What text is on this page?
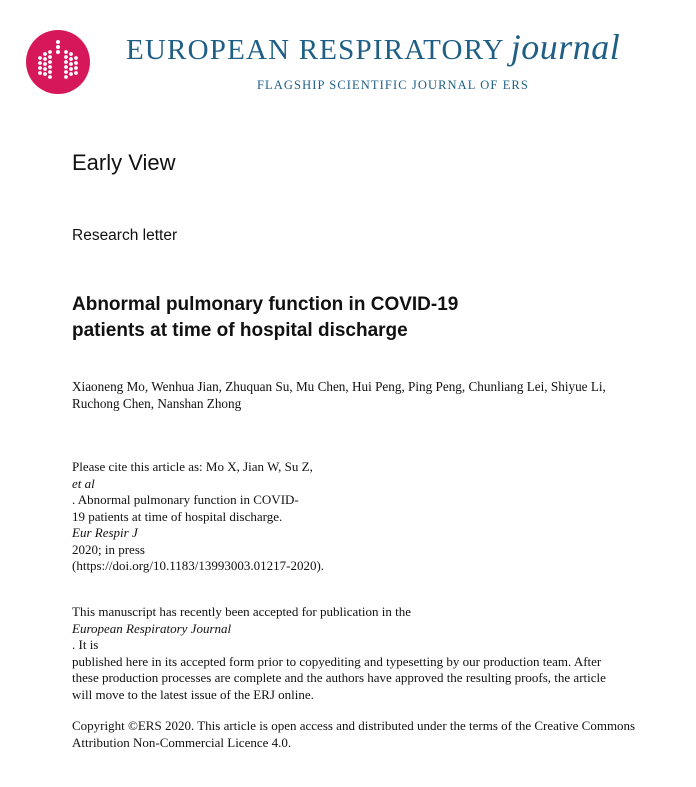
EUROPEAN RESPIRATORY journal
FLAGSHIP SCIENTIFIC JOURNAL OF ERS
Early View
Research letter
Abnormal pulmonary function in COVID-19
patients at time of hospital discharge
Xiaoneng Mo, Wenhua Jian, Zhuquan Su, Mu Chen, Hui Peng, Ping Peng, Chunliang Lei, Shiyue Li,
Ruchong Chen, Nanshan Zhong
Please cite this article as: Mo X, Jian W, Su Z,
et al
. Abnormal pulmonary function in COVID-
19 patients at time of hospital discharge.
Eur Respir J
2020; in press
(https://doi.org/10.1183/13993003.01217-2020).
This manuscript has recently been accepted for publication in the
European Respiratory Journal
. It is
published here in its accepted form prior to copyediting and typesetting by our production team. After
these production processes are complete and the authors have approved the resulting proofs, the article
will move to the latest issue of the ERJ online.
Copyright ©ERS 2020. This article is open access and distributed under the terms of the Creative Commons
Attribution Non-Commercial Licence 4.0.
